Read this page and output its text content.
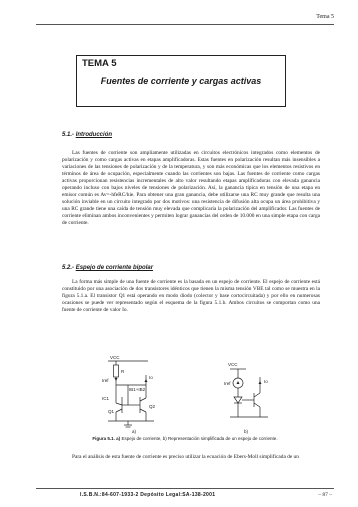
Tema 5
TEMA 5
Fuentes de corriente y cargas activas
5.1.- Introducción
Las fuentes de corriente son ampliamente utilizadas en circuitos electrónicos integrados como elementos de polarización y como cargas activas en etapas amplificadoras. Estas fuentes en polarización resultan más insensibles a variaciones de las tensiones de polarización y de la temperatura, y son más económicas que los elementos resistivos en términos de área de ocupación, especialmente cuando las corrientes son bajas. Las fuentes de corriente como cargas activas proporcionan resistencias incrementales de alto valor resultando etapas amplificadoras con elevada ganancia operando incluso con bajos niveles de tensiones de polarización. Así, la ganancia típica en tensión de una etapa en emisor común es Av=-hfeRC/hie. Para obtener una gran ganancia, debe utilizarse una RC muy grande que resulta una solución inviable en un circuito integrado por dos motivos: una resistencia de difusión alta ocupa un área prohibitiva y una RC grande tiene una caída de tensión muy elevada que complicaría la polarización del amplificador. Las fuentes de corriente eliminan ambos inconvenientes y permiten lograr ganancias del orden de 10.000 en una simple etapa con carga de corriente.
5.2.- Espejo de corriente bipolar
La forma más simple de una fuente de corriente es la basada en un espejo de corriente. El espejo de corriente está constituido por una asociación de dos transistores idénticos que tienen la misma tensión VBE tal como se muestra en la figura 5.1.a. El transistor Q1 está operando en modo diodo (colector y base cortocircuitada) y por ello en numerosas ocasiones se puede ver representado según el esquema de la figura 5.1.b. Ambos circuitos se comportan como una fuente de corriente de valor Io.
VCC
R
Iref
IB1+IB2
IC1
Q1
Q2
Io
VCC
Iref	Io
a)	b)
Figura 5.1. a) Espejo de corriente, b) Representación simplificada de un espejo de corriente.
Para el análisis de esta fuente de corriente es preciso utilizar la ecuación de Ebers-Moll simplificada de un
I.S.B.N.:84-607-1933-2 Depósito Legal:SA-138-2001	– 87 –
